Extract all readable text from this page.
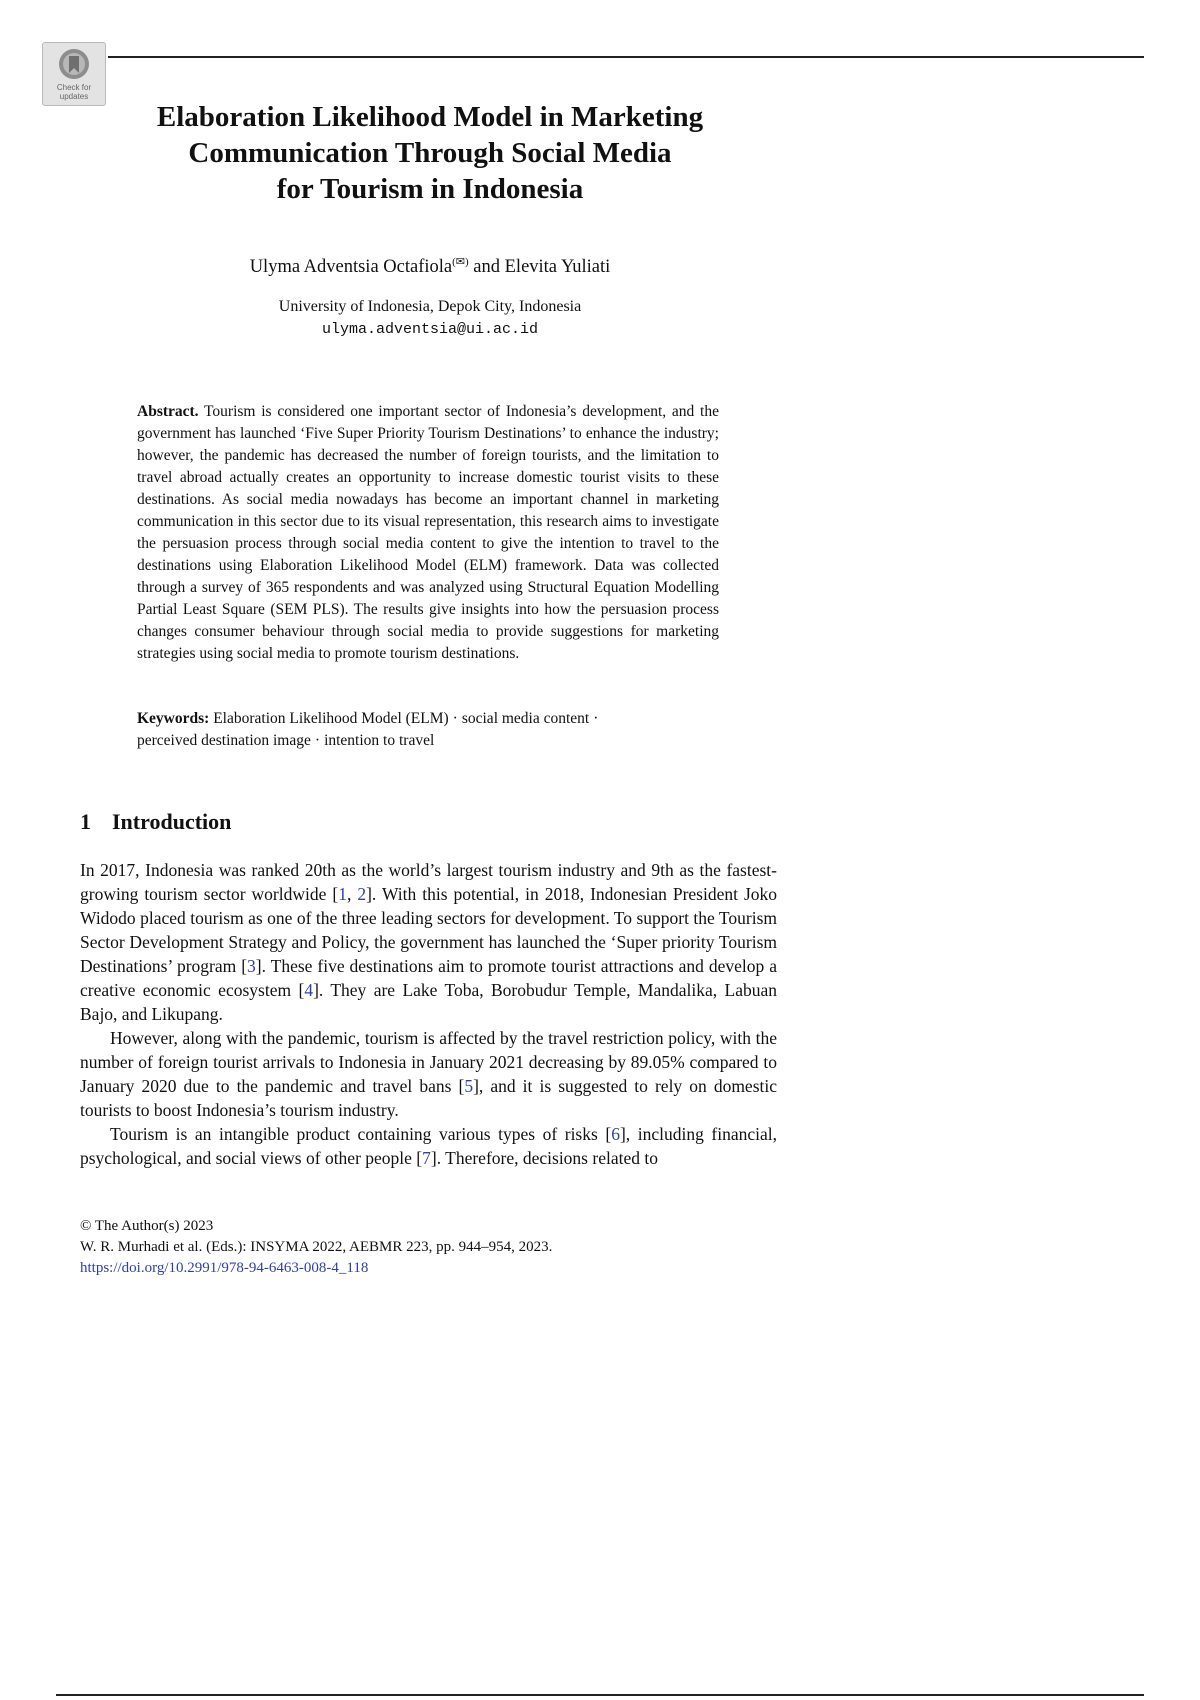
Check for
updates
Elaboration Likelihood Model in Marketing
Communication Through Social Media
for Tourism in Indonesia
Ulyma Adventsia Octafiola(✉) and Elevita Yuliati
University of Indonesia, Depok City, Indonesia
ulyma.adventsia@ui.ac.id

Abstract. Tourism is considered one important sector of Indonesia’s development, and the government has launched ‘Five Super Priority Tourism Destinations’ to enhance the industry; however, the pandemic has decreased the number of foreign tourists, and the limitation to travel abroad actually creates an opportunity to increase domestic tourist visits to these destinations. As social media nowadays has become an important channel in marketing communication in this sector due to its visual representation, this research aims to investigate the persuasion process through social media content to give the intention to travel to the destinations using Elaboration Likelihood Model (ELM) framework. Data was collected through a survey of 365 respondents and was analyzed using Structural Equation Modelling Partial Least Square (SEM PLS). The results give insights into how the persuasion process changes consumer behaviour through social media to provide suggestions for marketing strategies using social media to promote tourism destinations.

Keywords: Elaboration Likelihood Model (ELM) · social media content ·
perceived destination image · intention to travel

1 Introduction

In 2017, Indonesia was ranked 20th as the world’s largest tourism industry and 9th as the fastest-growing tourism sector worldwide [1, 2]. With this potential, in 2018, Indonesian President Joko Widodo placed tourism as one of the three leading sectors for development. To support the Tourism Sector Development Strategy and Policy, the government has launched the ‘Super priority Tourism Destinations’ program [3]. These five destinations aim to promote tourist attractions and develop a creative economic ecosystem [4]. They are Lake Toba, Borobudur Temple, Mandalika, Labuan Bajo, and Likupang.

However, along with the pandemic, tourism is affected by the travel restriction policy, with the number of foreign tourist arrivals to Indonesia in January 2021 decreasing by 89.05% compared to January 2020 due to the pandemic and travel bans [5], and it is suggested to rely on domestic tourists to boost Indonesia’s tourism industry.

Tourism is an intangible product containing various types of risks [6], including financial, psychological, and social views of other people [7]. Therefore, decisions related to

© The Author(s) 2023
W. R. Murhadi et al. (Eds.): INSYMA 2022, AEBMR 223, pp. 944–954, 2023.
https://doi.org/10.2991/978-94-6463-008-4_118
